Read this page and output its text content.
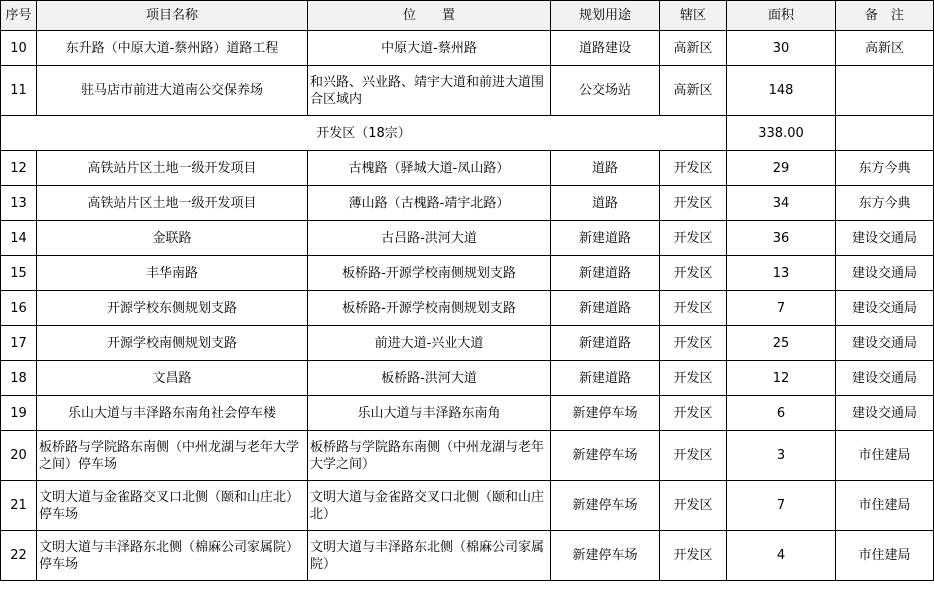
序号	项目名称	位　　置	规划用途	辖区	面积	备　注
10	东升路（中原大道-蔡州路）道路工程	中原大道-蔡州路	道路建设	高新区	30	高新区
11	驻马店市前进大道南公交保养场	和兴路、兴业路、靖宇大道和前进大道围合区域内	公交场站	高新区	148	
开发区（18宗）					338.00	
12	高铁站片区土地一级开发项目	古槐路（驿城大道-凤山路）	道路	开发区	29	东方今典
13	高铁站片区土地一级开发项目	薄山路（古槐路-靖宇北路）	道路	开发区	34	东方今典
14	金联路	古吕路-洪河大道	新建道路	开发区	36	建设交通局
15	丰华南路	板桥路-开源学校南侧规划支路	新建道路	开发区	13	建设交通局
16	开源学校东侧规划支路	板桥路-开源学校南侧规划支路	新建道路	开发区	7	建设交通局
17	开源学校南侧规划支路	前进大道-兴业大道	新建道路	开发区	25	建设交通局
18	文昌路	板桥路-洪河大道	新建道路	开发区	12	建设交通局
19	乐山大道与丰泽路东南角社会停车楼	乐山大道与丰泽路东南角	新建停车场	开发区	6	建设交通局
20	板桥路与学院路东南侧（中州龙湖与老年大学之间）停车场	板桥路与学院路东南侧（中州龙湖与老年大学之间）	新建停车场	开发区	3	市住建局
21	文明大道与金雀路交叉口北侧（颐和山庄北）停车场	文明大道与金雀路交叉口北侧（颐和山庄北）	新建停车场	开发区	7	市住建局
22	文明大道与丰泽路东北侧（棉麻公司家属院）停车场	文明大道与丰泽路东北侧（棉麻公司家属院）	新建停车场	开发区	4	市住建局
